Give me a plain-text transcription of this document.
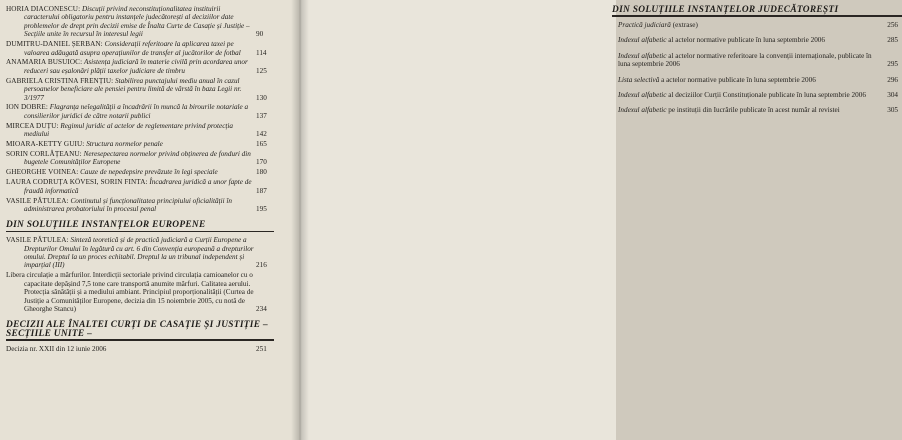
HORIA DIACONESCU: Discuții privind neconstituționalitatea instituirii caracterului obligatoriu pentru instanțele judecătorești al deciziilor date problemelor de drept prin decizii emise de Înalta Curte de Casație și Justiție – Secțiile unite în recursul în interesul legii	90

DUMITRU-DANIEL ȘERBAN: Considerații referitoare la aplicarea taxei pe valoarea adăugată asupra operațiunilor de transfer al jucătorilor de fotbal 114

ANAMARIA BUSUIOC: Asistența judiciară în materie civilă prin acordarea unor reduceri sau eșalonări plății taxelor judiciare de timbru	125

GABRIELA CRISTINA FRENȚIU: Stabilirea punctajului mediu anual în cazul persoanelor beneficiare ale pensiei pentru limită de vârstă în baza Legii nr. 3/1977	130

ION DOBRE: Flagranța neîegalității a încadrării în muncă la birourile notariale a consilierilor juridici de către notarii publici	137

MIRCEA DUȚU: Regimul juridic al actelor de reglementare privind protecția mediului	142

MIOARA-KETTY GUIU: Structura normelor penale	165

SORIN CORLĂȚEANU: Neresepectarea normelor privind obținerea de fonduri din bugetele Comunităților Europene	170

GHEORGHE VOINEA: Cauze de nepedepsire prevăzute în legi speciale	180

LAURA CODRUȚA KÖVESI, SORIN FINTA: Încadrarea juridică a unor fapte de fraudă informatică	187

VASILE PĂTULEA: Continutul și funcționalitatea principiului oficialității în administrarea probatoriului în procesul penal	195

DIN SOLUȚIILE INSTANȚELOR EUROPENE

VASILE PĂTULEA: Sinteză teoretică și de practică judiciară a Curții Europene a Drepturilor Omului în legătură cu art. 6 din Convenția europeană a drepturilor omului. Dreptul la un proces echitabil. Dreptul la un tribunal independent și imparțial (III)	216

Libera circulație a mărfurilor. Interdicții sectoriale privind circulația camioanelor cu o capacitate depășind 7,5 tone care transportă anumite mărfuri. Calitatea aerului. Protecția sănătății și a mediului ambiant. Principiul proporționalității (Curtea de Justiție a Comunităților Europene, decizia din 15 noiembrie 2005, cu notă de Gheorghe Stancu)	234

DECIZII ALE ÎNALTEI CURȚI DE CASAȚIE ȘI JUSTIȚIE – SECȚIILE UNITE –

Decizia nr. XXII din 12 iunie 2006	251

DIN SOLUȚIILE INSTANȚELOR JUDECĂTOREȘTI

Practică judiciară (extrase)	256

Indexul alfabetic al actelor normative publicate în luna septembrie 2006	285

Indexul alfabetic al actelor normative referitoare la convenții internaționale, publicate în luna septembrie 2006	295

Lista selectivă a actelor normative publicate în luna septembrie 2006	296

Indexul alfabetic al deciziilor Curții Constituționale publicate în luna septembrie 2006	304

Indexul alfabetic pe instituții din Iucrările publicate în acest număr al revistei	305
